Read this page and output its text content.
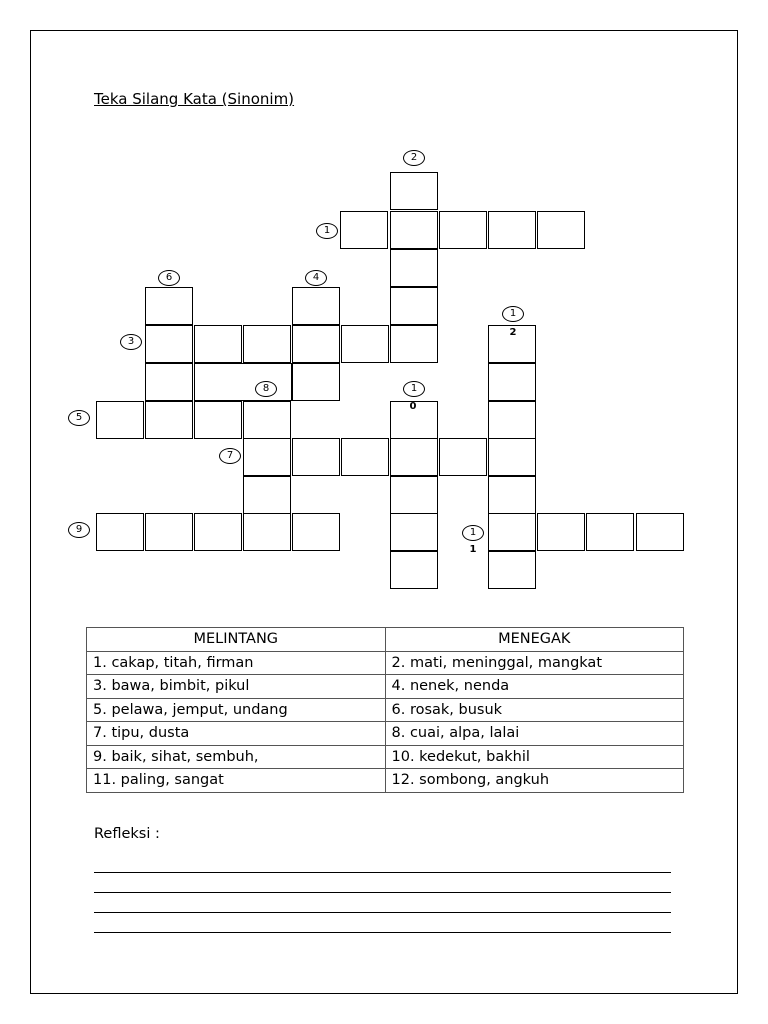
Teka Silang Kata (Sinonim)
2
1
6	4
1
2
3
8	1
0
5
7
9	1
1
MELINTANG	MENEGAK
1. cakap, titah, firman	2. mati, meninggal, mangkat
3. bawa, bimbit, pikul	4. nenek, nenda
5. pelawa, jemput, undang	6. rosak, busuk
7. tipu, dusta	8. cuai, alpa, lalai
9. baik, sihat, sembuh,	10. kedekut, bakhil
11. paling, sangat	12. sombong, angkuh
Refleksi :
